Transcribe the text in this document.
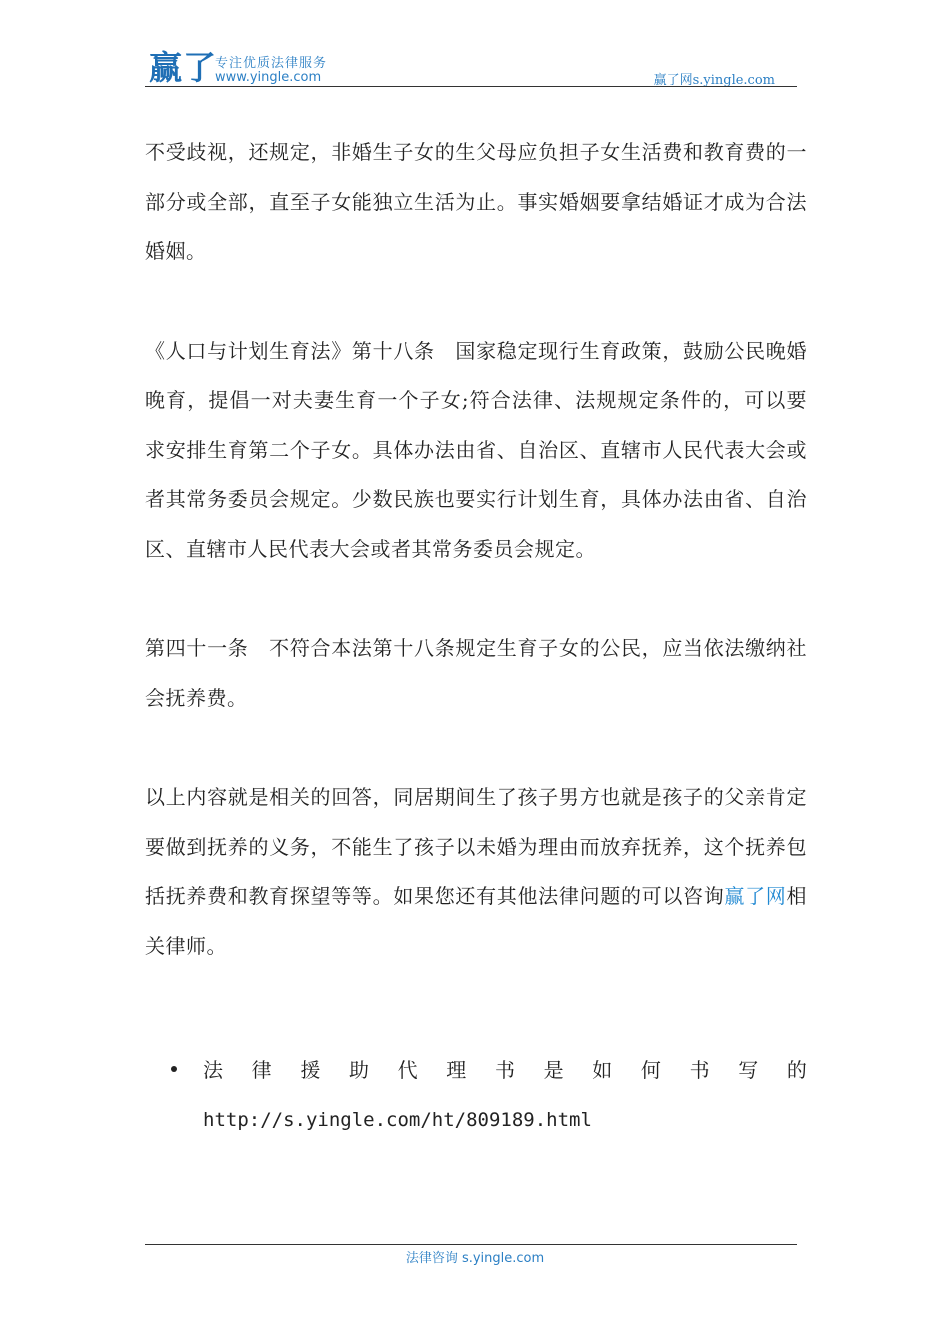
赢了
专注优质法律服务
www.yingle.com	赢了网s.yingle.com

不受歧视，还规定，非婚生子女的生父母应负担子女生活费和教育费的一部分或全部，直至子女能独立生活为止。事实婚姻要拿结婚证才成为合法婚姻。

《人口与计划生育法》第十八条　国家稳定现行生育政策，鼓励公民晚婚晚育，提倡一对夫妻生育一个子女;符合法律、法规规定条件的，可以要求安排生育第二个子女。具体办法由省、自治区、直辖市人民代表大会或者其常务委员会规定。少数民族也要实行计划生育，具体办法由省、自治区、直辖市人民代表大会或者其常务委员会规定。

第四十一条　不符合本法第十八条规定生育子女的公民，应当依法缴纳社会抚养费。

以上内容就是相关的回答，同居期间生了孩子男方也就是孩子的父亲肯定要做到抚养的义务，不能生了孩子以未婚为理由而放弃抚养，这个抚养包括抚养费和教育探望等等。如果您还有其他法律问题的可以咨询赢了网相关律师。

法 律 援 助 代 理 书 是 如 何 书 写 的
http://s.yingle.com/ht/809189.html
法律咨询 s.yingle.com
